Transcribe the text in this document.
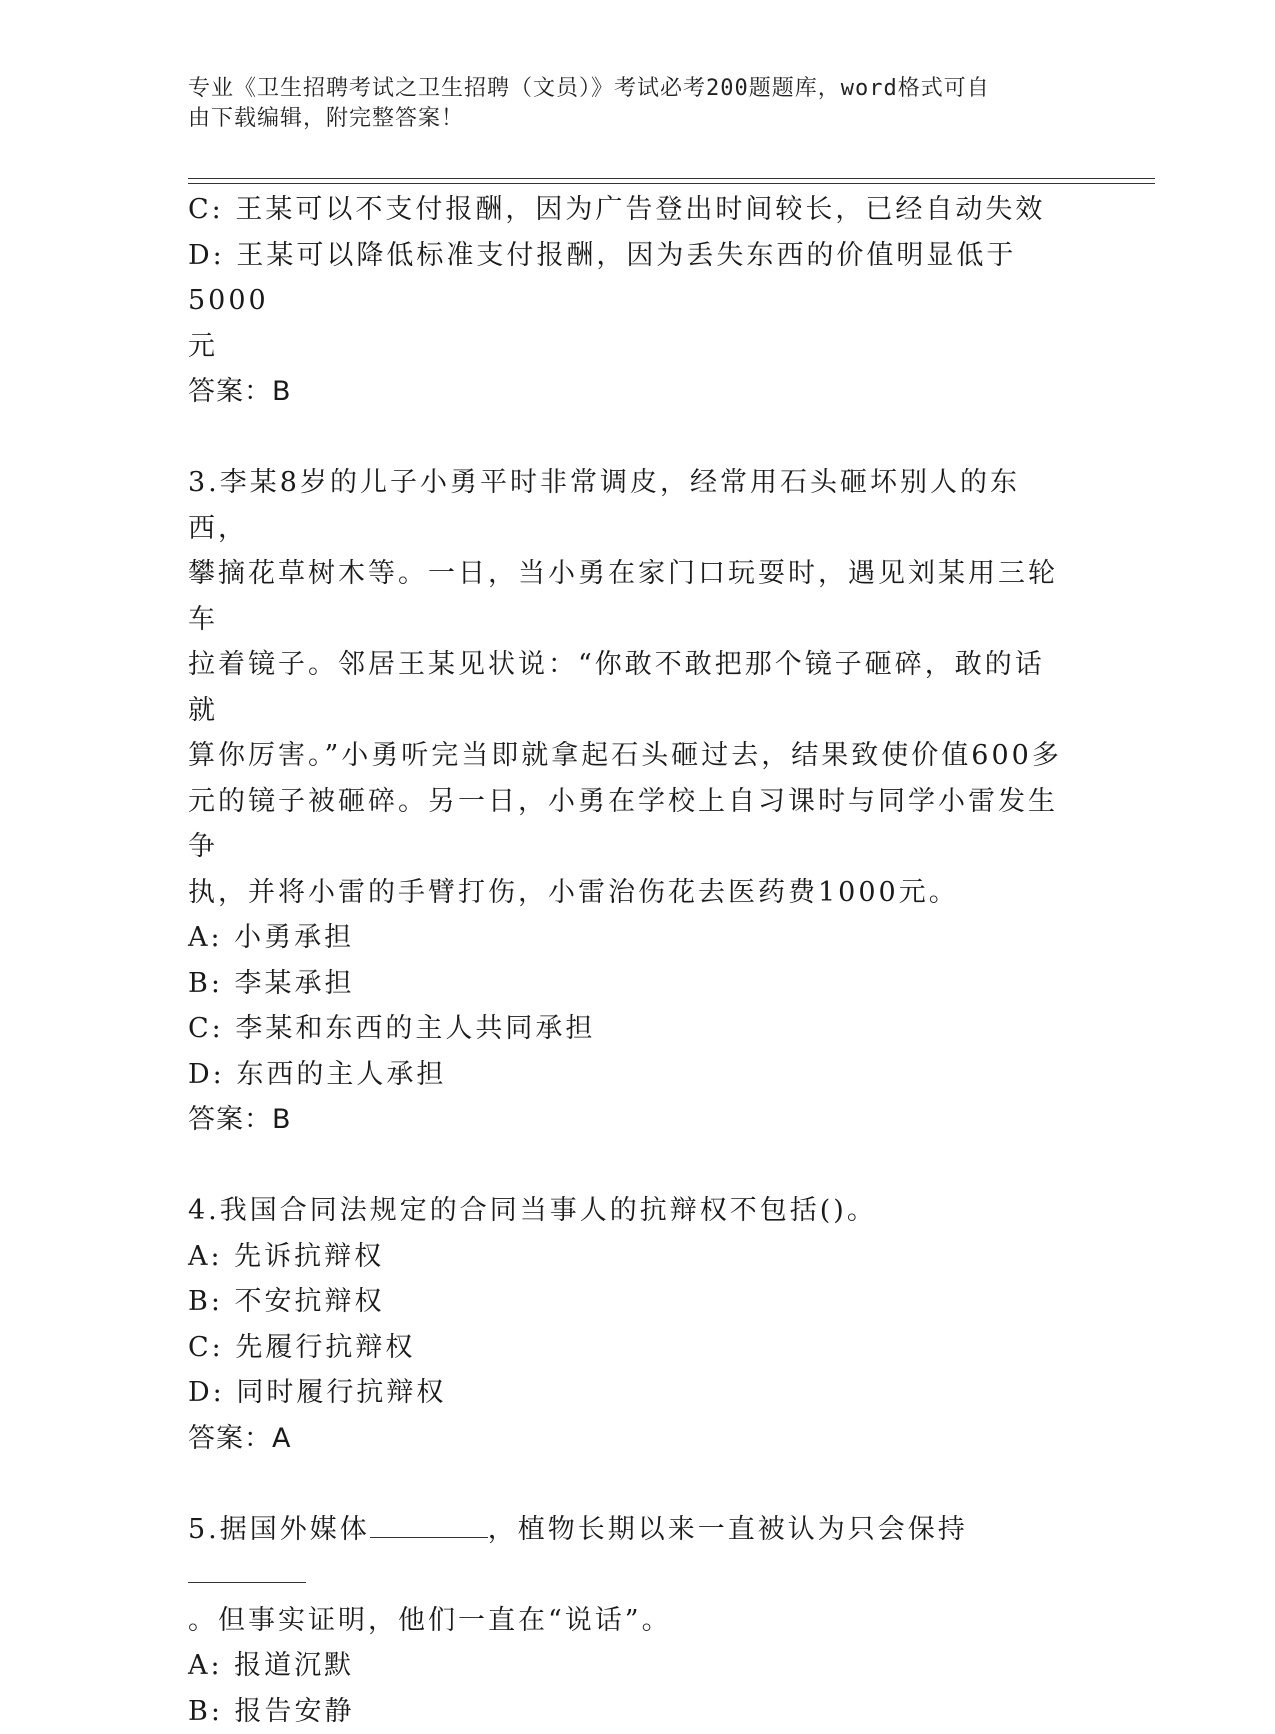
专业《卫生招聘考试之卫生招聘（文员）》考试必考200题题库，word格式可自
由下载编辑，附完整答案！

C: 王某可以不支付报酬，因为广告登出时间较长，已经自动失效

D: 王某可以降低标准支付报酬，因为丢失东西的价值明显低于5000

元

答案：B

3.李某8岁的儿子小勇平时非常调皮，经常用石头砸坏别人的东西，

攀摘花草树木等。一日，当小勇在家门口玩耍时，遇见刘某用三轮车

拉着镜子。邻居王某见状说：“你敢不敢把那个镜子砸碎，敢的话就

算你厉害。”小勇听完当即就拿起石头砸过去，结果致使价值600多

元的镜子被砸碎。另一日，小勇在学校上自习课时与同学小雷发生争

执，并将小雷的手臂打伤，小雷治伤花去医药费1000元。

A: 小勇承担

B: 李某承担

C: 李某和东西的主人共同承担

D: 东西的主人承担

答案：B

4.我国合同法规定的合同当事人的抗辩权不包括()。

A: 先诉抗辩权

B: 不安抗辩权

C: 先履行抗辩权

D: 同时履行抗辩权

答案：A

5.据国外媒体	，植物长期以来一直被认为只会保持

。但事实证明，他们一直在“说话”。

A: 报道沉默

B: 报告安静
